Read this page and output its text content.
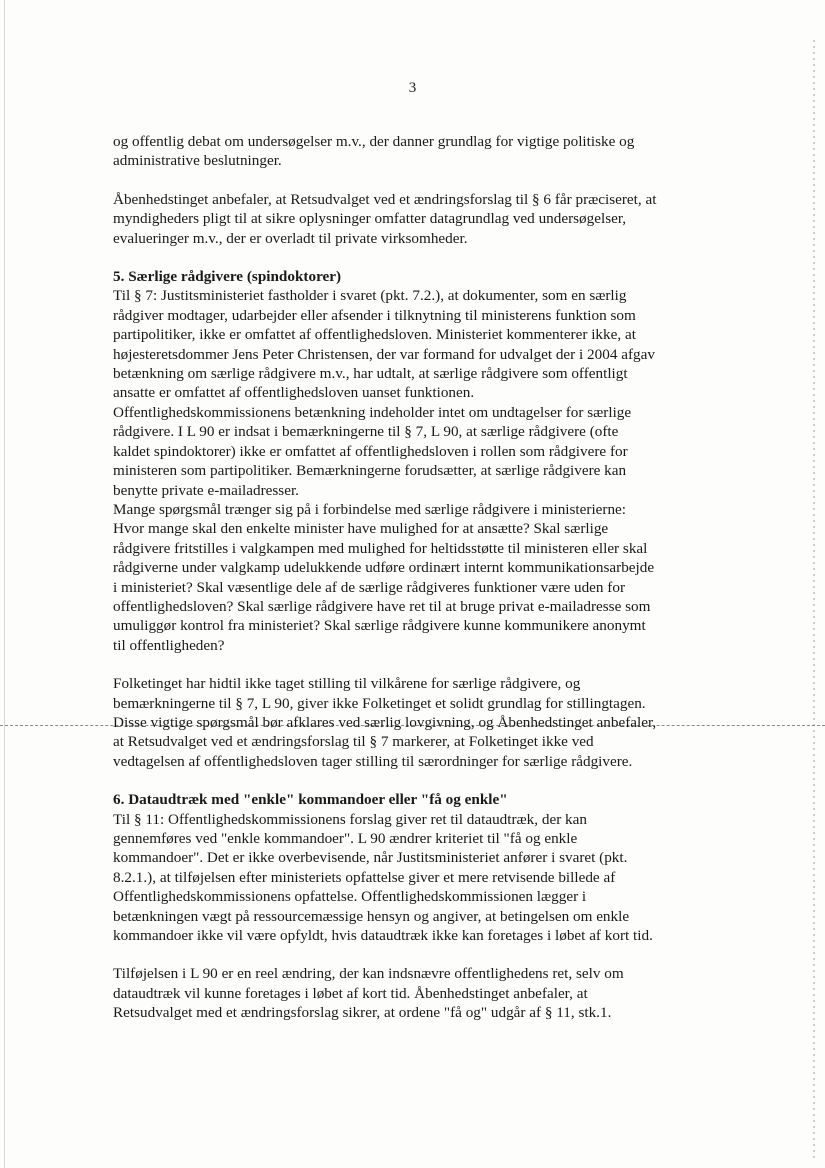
3

og offentlig debat om undersøgelser m.v., der danner grundlag for vigtige politiske og

administrative beslutninger.

Åbenhedstinget anbefaler, at Retsudvalget ved et ændringsforslag til § 6 får præciseret, at

myndigheders pligt til at sikre oplysninger omfatter datagrundlag ved undersøgelser,

evalueringer m.v., der er overladt til private virksomheder.

5. Særlige rådgivere (spindoktorer)

Til § 7: Justitsministeriet fastholder i svaret (pkt. 7.2.), at dokumenter, som en særlig

rådgiver modtager, udarbejder eller afsender i tilknytning til ministerens funktion som

partipolitiker, ikke er omfattet af offentlighedsloven. Ministeriet kommenterer ikke, at

højesteretsdommer Jens Peter Christensen, der var formand for udvalget der i 2004 afgav

betænkning om særlige rådgivere m.v., har udtalt, at særlige rådgivere som offentligt

ansatte er omfattet af offentlighedsloven uanset funktionen.

Offentlighedskommissionens betænkning indeholder intet om undtagelser for særlige

rådgivere. I L 90 er indsat i bemærkningerne til § 7, L 90, at særlige rådgivere (ofte

kaldet spindoktorer) ikke er omfattet af offentlighedsloven i rollen som rådgivere for

ministeren som partipolitiker. Bemærkningerne forudsætter, at særlige rådgivere kan

benytte private e-mailadresser.

Mange spørgsmål trænger sig på i forbindelse med særlige rådgivere i ministerierne:

Hvor mange skal den enkelte minister have mulighed for at ansætte? Skal særlige

rådgivere fritstilles i valgkampen med mulighed for heltidsstøtte til ministeren eller skal

rådgiverne under valgkamp udelukkende udføre ordinært internt kommunikationsarbejde

i ministeriet? Skal væsentlige dele af de særlige rådgiveres funktioner være uden for

offentlighedsloven? Skal særlige rådgivere have ret til at bruge privat e-mailadresse som

umuliggør kontrol fra ministeriet? Skal særlige rådgivere kunne kommunikere anonymt

til offentligheden?

Folketinget har hidtil ikke taget stilling til vilkårene for særlige rådgivere, og

bemærkningerne til § 7, L 90, giver ikke Folketinget et solidt grundlag for stillingtagen.

Disse vigtige spørgsmål bør afklares ved særlig lovgivning, og Åbenhedstinget anbefaler,

at Retsudvalget ved et ændringsforslag til § 7 markerer, at Folketinget ikke ved

vedtagelsen af offentlighedsloven tager stilling til særordninger for særlige rådgivere.

6. Dataudtræk med "enkle" kommandoer eller "få og enkle"

Til § 11: Offentlighedskommissionens forslag giver ret til dataudtræk, der kan

gennemføres ved "enkle kommandoer". L 90 ændrer kriteriet til "få og enkle

kommandoer". Det er ikke overbevisende, når Justitsministeriet anfører i svaret (pkt.

8.2.1.), at tilføjelsen efter ministeriets opfattelse giver et mere retvisende billede af

Offentlighedskommissionens opfattelse. Offentlighedskommissionen lægger i

betænkningen vægt på ressourcemæssige hensyn og angiver, at betingelsen om enkle

kommandoer ikke vil være opfyldt, hvis dataudtræk ikke kan foretages i løbet af kort tid.

Tilføjelsen i L 90 er en reel ændring, der kan indsnævre offentlighedens ret, selv om

dataudtræk vil kunne foretages i løbet af kort tid. Åbenhedstinget anbefaler, at

Retsudvalget med et ændringsforslag sikrer, at ordene "få og" udgår af § 11, stk.1.
